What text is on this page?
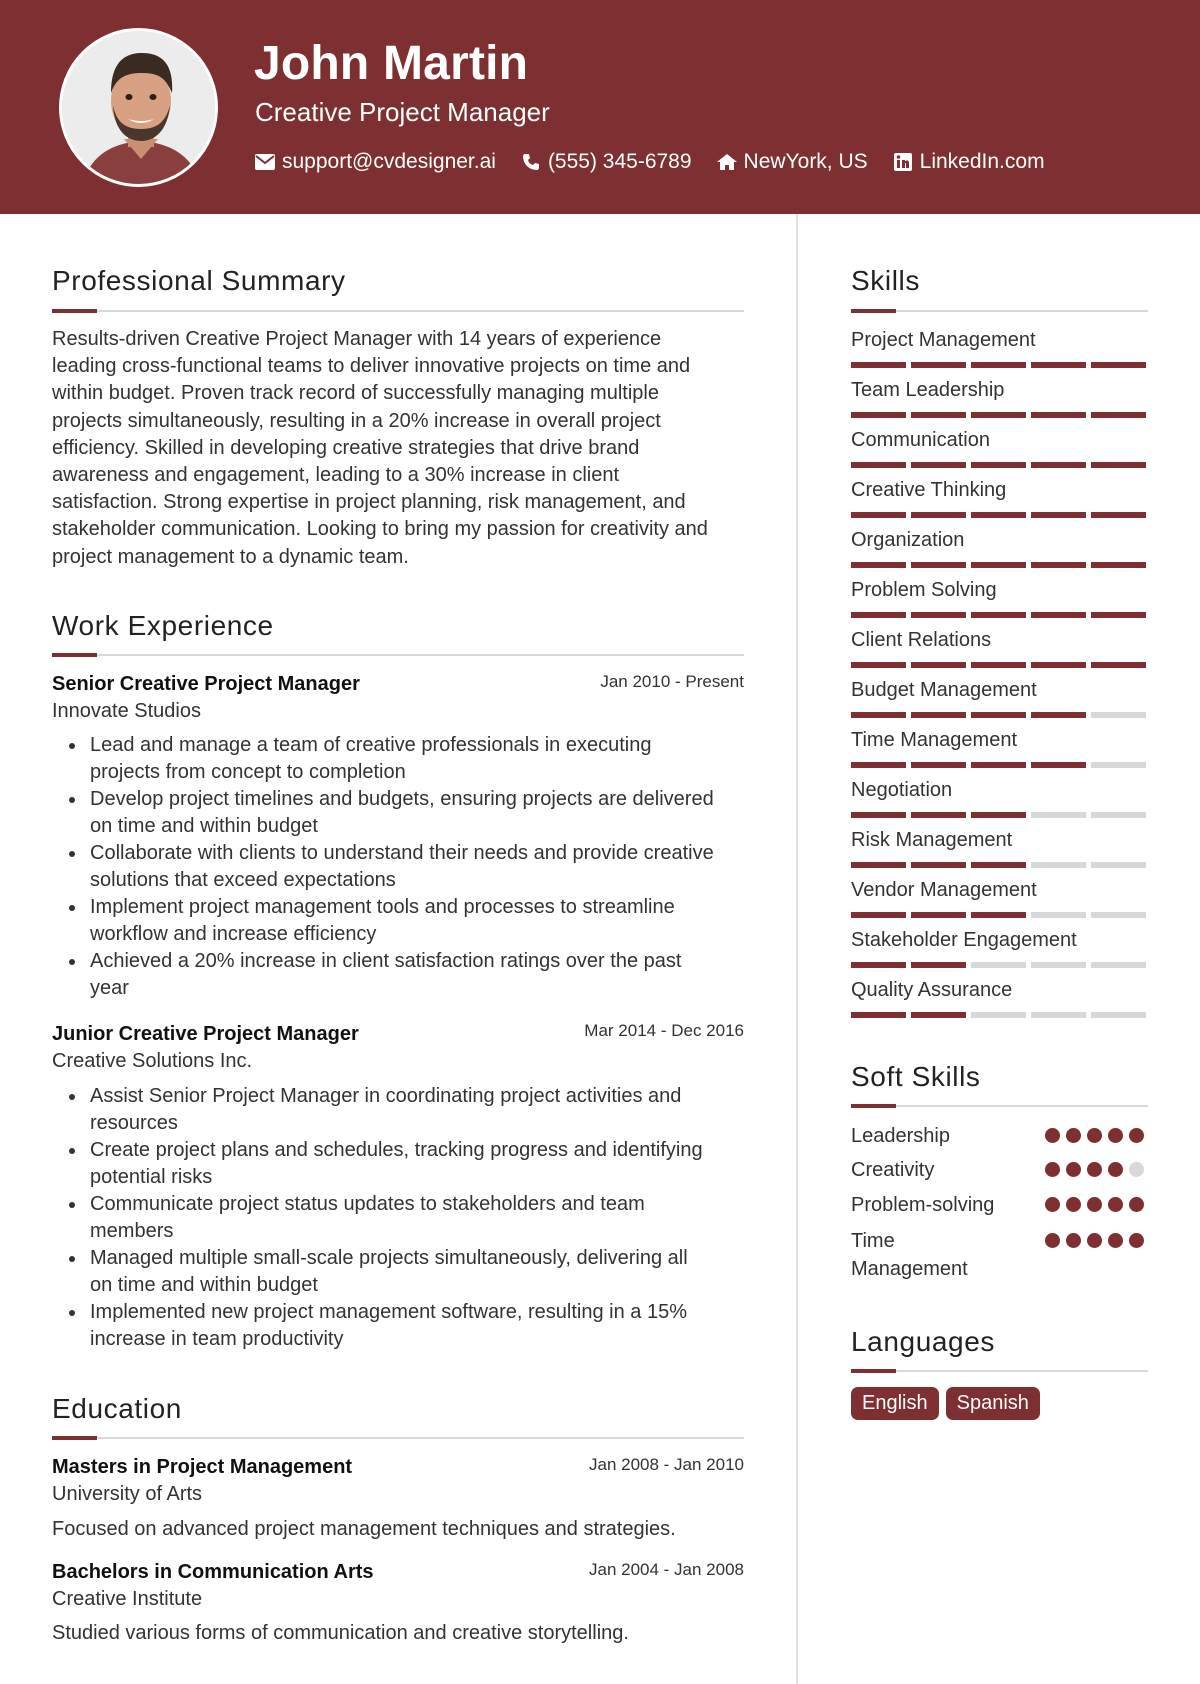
John Martin
Creative Project Manager
support@cvdesigner.ai (555) 345-6789 NewYork, US LinkedIn.com
Professional Summary
Results-driven Creative Project Manager with 14 years of experience
leading cross-functional teams to deliver innovative projects on time and
within budget. Proven track record of successfully managing multiple
projects simultaneously, resulting in a 20% increase in overall project
efficiency. Skilled in developing creative strategies that drive brand
awareness and engagement, leading to a 30% increase in client
satisfaction. Strong expertise in project planning, risk management, and
stakeholder communication. Looking to bring my passion for creativity and
project management to a dynamic team.
Work Experience
Senior Creative Project Manager	Jan 2010 - Present
Innovate Studios
Lead and manage a team of creative professionals in executing
projects from concept to completion
Develop project timelines and budgets, ensuring projects are delivered
on time and within budget
Collaborate with clients to understand their needs and provide creative
solutions that exceed expectations
Implement project management tools and processes to streamline
workflow and increase efficiency
Achieved a 20% increase in client satisfaction ratings over the past
year
Junior Creative Project Manager	Mar 2014 - Dec 2016
Creative Solutions Inc.
Assist Senior Project Manager in coordinating project activities and
resources
Create project plans and schedules, tracking progress and identifying
potential risks
Communicate project status updates to stakeholders and team
members
Managed multiple small-scale projects simultaneously, delivering all
on time and within budget
Implemented new project management software, resulting in a 15%
increase in team productivity
Education
Masters in Project Management	Jan 2008 - Jan 2010
University of Arts
Focused on advanced project management techniques and strategies.
Bachelors in Communication Arts	Jan 2004 - Jan 2008
Creative Institute
Studied various forms of communication and creative storytelling.
Skills
Project Management
Team Leadership
Communication
Creative Thinking
Organization
Problem Solving
Client Relations
Budget Management
Time Management
Negotiation
Risk Management
Vendor Management
Stakeholder Engagement
Quality Assurance
Soft Skills
Leadership
Creativity
Problem-solving
Time Management
Languages
English	Spanish
